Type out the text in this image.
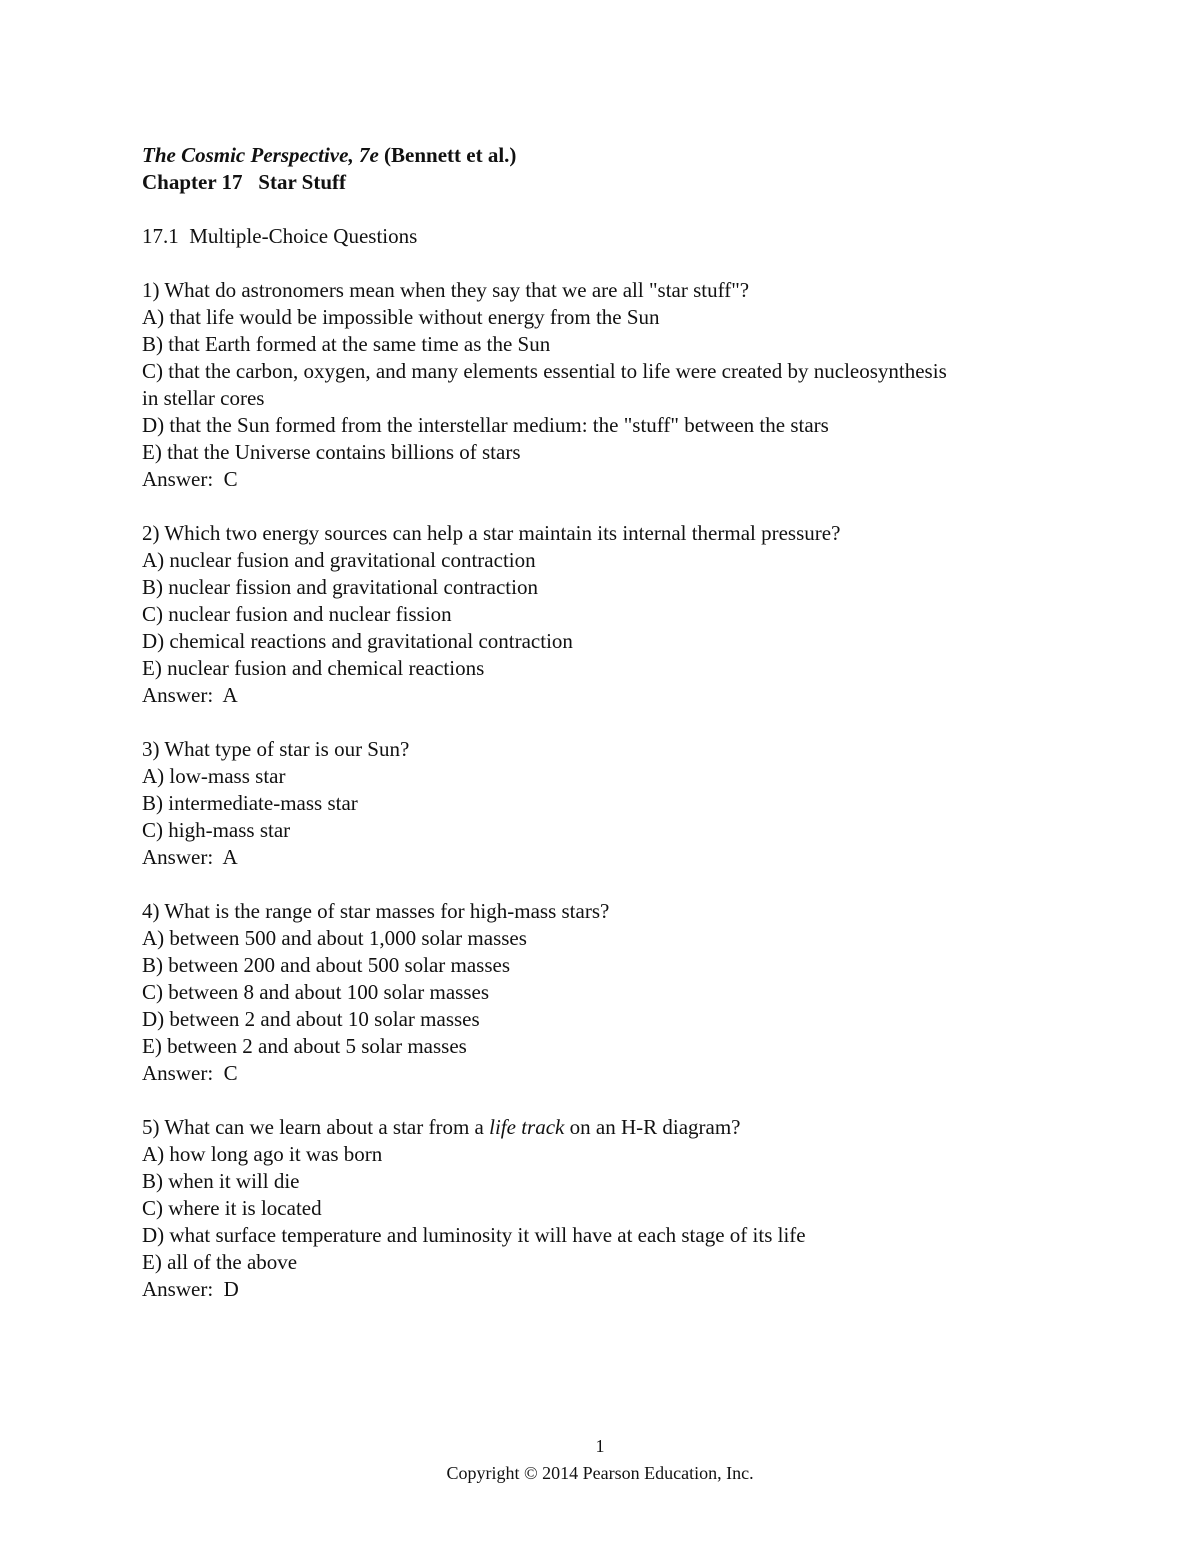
The Cosmic Perspective, 7e (Bennett et al.)
Chapter 17   Star Stuff
17.1  Multiple-Choice Questions
1) What do astronomers mean when they say that we are all "star stuff"?
A) that life would be impossible without energy from the Sun
B) that Earth formed at the same time as the Sun
C) that the carbon, oxygen, and many elements essential to life were created by nucleosynthesis
in stellar cores
D) that the Sun formed from the interstellar medium: the "stuff" between the stars
E) that the Universe contains billions of stars
Answer:  C
2) Which two energy sources can help a star maintain its internal thermal pressure?
A) nuclear fusion and gravitational contraction
B) nuclear fission and gravitational contraction
C) nuclear fusion and nuclear fission
D) chemical reactions and gravitational contraction
E) nuclear fusion and chemical reactions
Answer:  A
3) What type of star is our Sun?
A) low-mass star
B) intermediate-mass star
C) high-mass star
Answer:  A
4) What is the range of star masses for high-mass stars?
A) between 500 and about 1,000 solar masses
B) between 200 and about 500 solar masses
C) between 8 and about 100 solar masses
D) between 2 and about 10 solar masses
E) between 2 and about 5 solar masses
Answer:  C
5) What can we learn about a star from a life track on an H-R diagram?
A) how long ago it was born
B) when it will die
C) where it is located
D) what surface temperature and luminosity it will have at each stage of its life
E) all of the above
Answer:  D
1
Copyright © 2014 Pearson Education, Inc.
